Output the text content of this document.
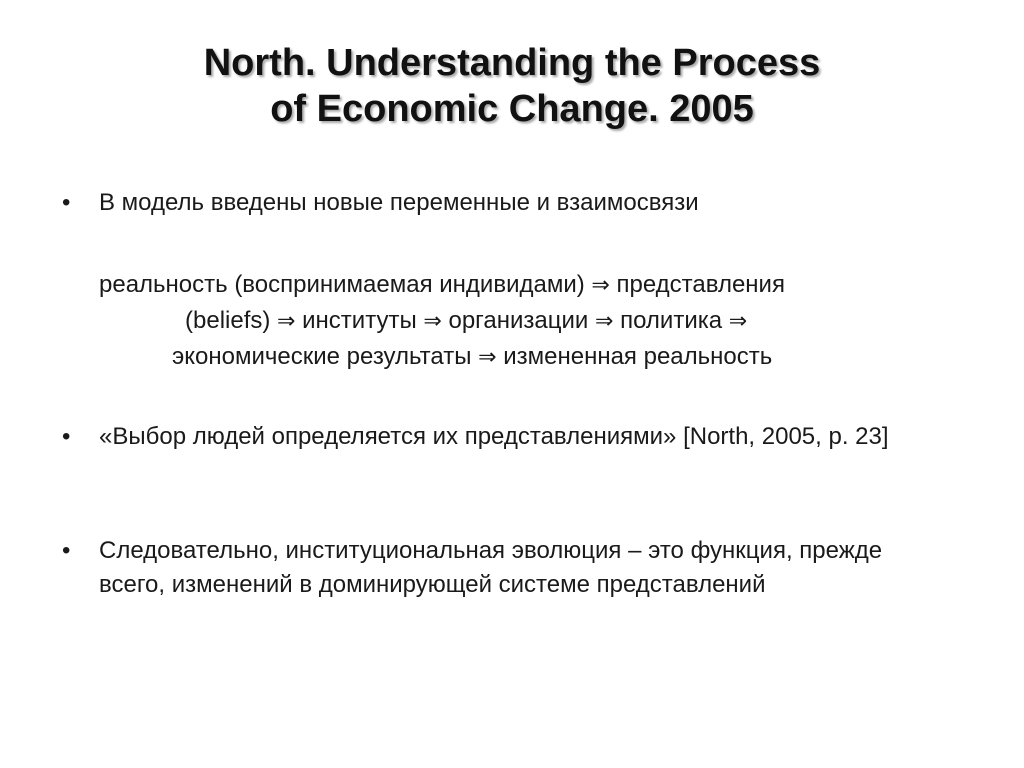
North. Understanding the Process
of Economic Change. 2005
•	В модель введены новые переменные и взаимосвязи
реальность (воспринимаемая индивидами) ⇒ представления
(beliefs) ⇒ институты ⇒ организации ⇒ политика ⇒
экономические результаты ⇒ измененная реальность
•	«Выбор людей определяется их представлениями» [North, 2005, p. 23]
•	Следовательно, институциональная эволюция – это функция, прежде всего, изменений в доминирующей системе представлений
